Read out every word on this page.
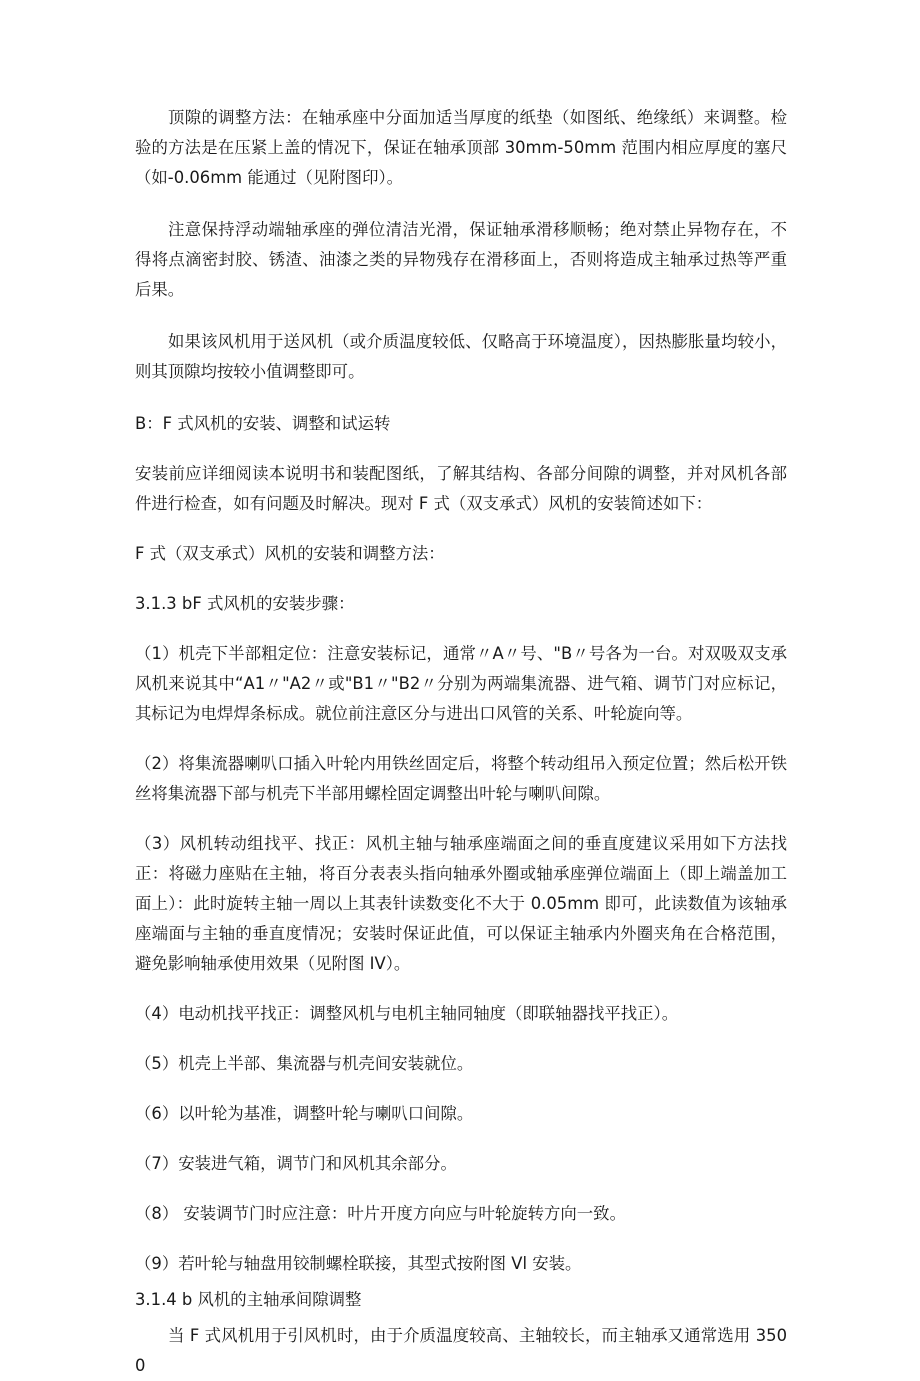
顶隙的调整方法：在轴承座中分面加适当厚度的纸垫（如图纸、绝缘纸）来调整。检验的方法是在压紧上盖的情况下，保证在轴承顶部 30mm-50mm 范围内相应厚度的塞尺（如-0.06mm 能通过（见附图印）。

注意保持浮动端轴承座的弹位清洁光滑，保证轴承滑移顺畅；绝对禁止异物存在，不得将点滴密封胶、锈渣、油漆之类的异物残存在滑移面上，否则将造成主轴承过热等严重后果。

如果该风机用于送风机（或介质温度较低、仅略高于环境温度），因热膨胀量均较小，则其顶隙均按较小值调整即可。

B：F 式风机的安装、调整和试运转

安装前应详细阅读本说明书和装配图纸，了解其结构、各部分间隙的调整，并对风机各部件进行检查，如有问题及时解决。现对 F 式（双支承式）风机的安装简述如下：

F 式（双支承式）风机的安装和调整方法：

3.1.3 bF 式风机的安装步骤：

（1）机壳下半部粗定位：注意安装标记，通常〃A〃号、"B〃号各为一台。对双吸双支承风机来说其中“A1〃"A2〃或"B1〃"B2〃分别为两端集流器、进气箱、调节门对应标记，其标记为电焊焊条标成。就位前注意区分与进出口风管的关系、叶轮旋向等。

（2）将集流器喇叭口插入叶轮内用铁丝固定后，将整个转动组吊入预定位置；然后松开铁丝将集流器下部与机壳下半部用螺栓固定调整出叶轮与喇叭间隙。

（3）风机转动组找平、找正：风机主轴与轴承座端面之间的垂直度建议采用如下方法找正：将磁力座贴在主轴，将百分表表头指向轴承外圈或轴承座弹位端面上（即上端盖加工面上）：此时旋转主轴一周以上其表针读数变化不大于 0.05mm 即可，此读数值为该轴承座端面与主轴的垂直度情况；安装时保证此值，可以保证主轴承内外圈夹角在合格范围，避免影响轴承使用效果（见附图 IV）。

（4）电动机找平找正：调整风机与电机主轴同轴度（即联轴器找平找正）。

（5）机壳上半部、集流器与机壳间安装就位。

（6）以叶轮为基准，调整叶轮与喇叭口间隙。

（7）安装进气箱，调节门和风机其余部分。

（8） 安装调节门时应注意：叶片开度方向应与叶轮旋转方向一致。

（9）若叶轮与轴盘用铰制螺栓联接，其型式按附图 Vl 安装。

3.1.4 b 风机的主轴承间隙调整

当 F 式风机用于引风机时，由于介质温度较高、主轴较长，而主轴承又通常选用 3500
